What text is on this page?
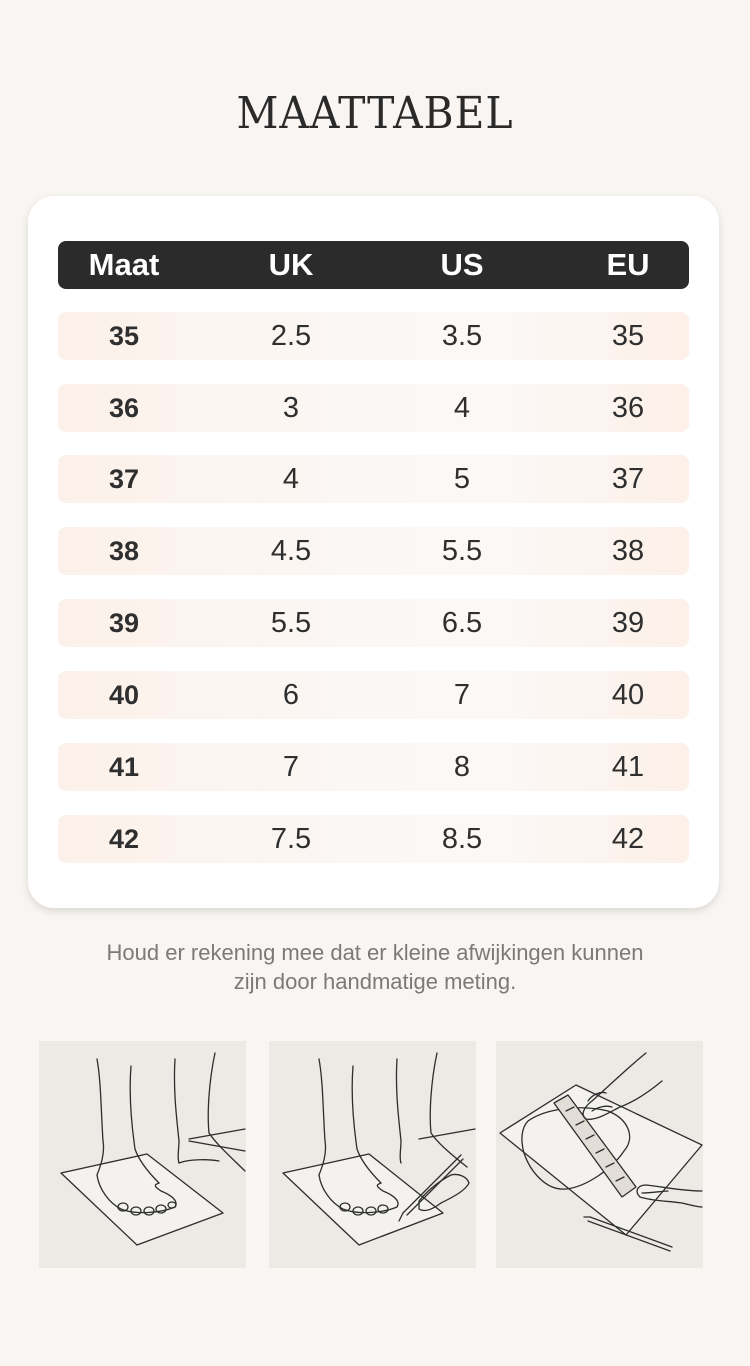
MAATTABEL
Maat	UK	US	EU
35	2.5	3.5	35
36	3	4	36
37	4	5	37
38	4.5	5.5	38
39	5.5	6.5	39
40	6	7	40
41	7	8	41
42	7.5	8.5	42
Houd er rekening mee dat er kleine afwijkingen kunnen
zijn door handmatige meting.
